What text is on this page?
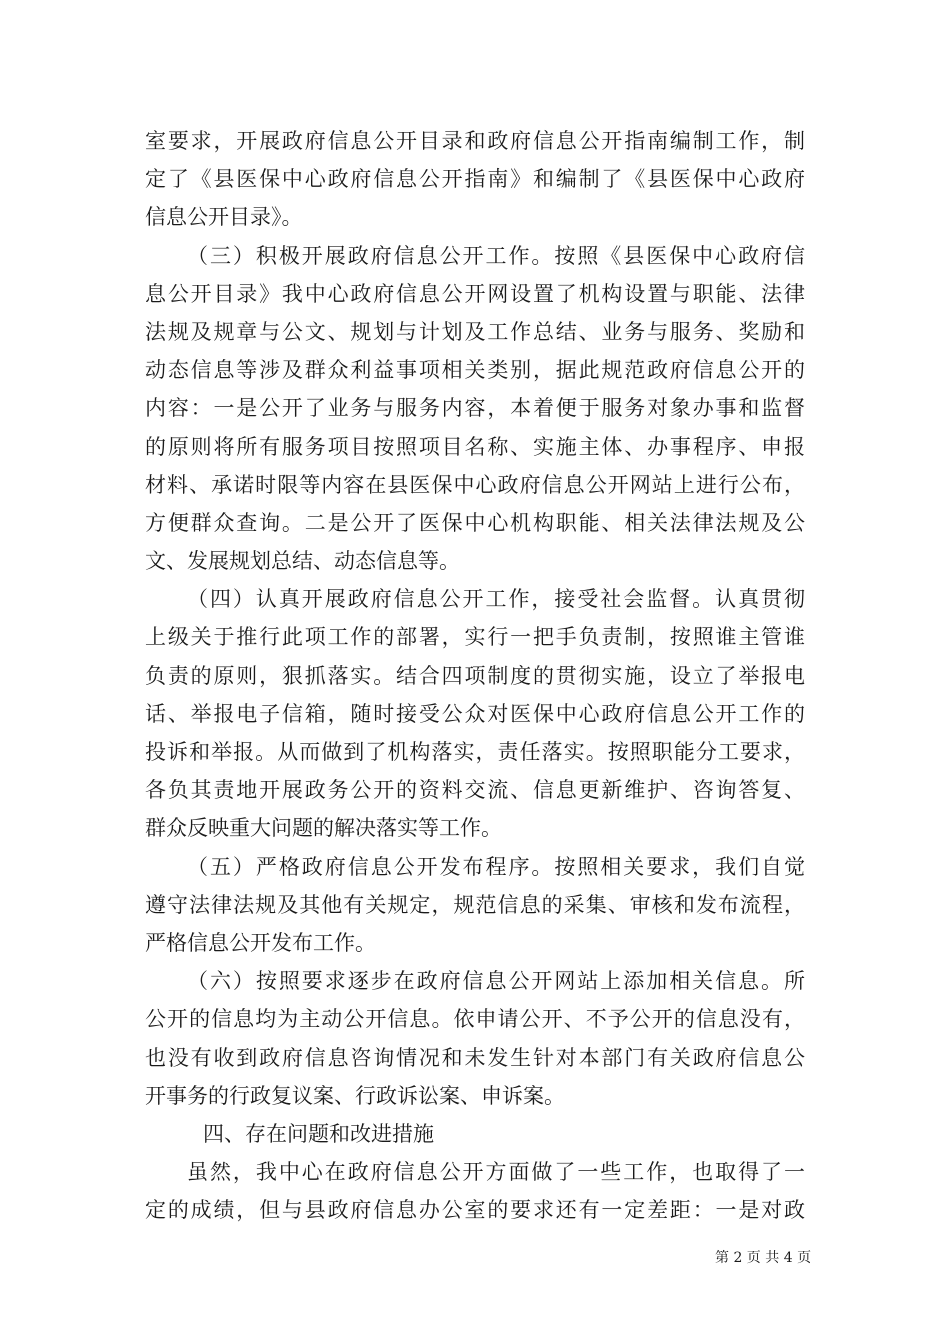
室要求，开展政府信息公开目录和政府信息公开指南编制工作，制
定了《县医保中心政府信息公开指南》和编制了《县医保中心政府
信息公开目录》。
（三）积极开展政府信息公开工作。按照《县医保中心政府信
息公开目录》我中心政府信息公开网设置了机构设置与职能、法律
法规及规章与公文、规划与计划及工作总结、业务与服务、奖励和
动态信息等涉及群众利益事项相关类别，据此规范政府信息公开的
内容：一是公开了业务与服务内容，本着便于服务对象办事和监督
的原则将所有服务项目按照项目名称、实施主体、办事程序、申报
材料、承诺时限等内容在县医保中心政府信息公开网站上进行公布，
方便群众查询。二是公开了医保中心机构职能、相关法律法规及公
文、发展规划总结、动态信息等。
（四）认真开展政府信息公开工作，接受社会监督。认真贯彻
上级关于推行此项工作的部署，实行一把手负责制，按照谁主管谁
负责的原则，狠抓落实。结合四项制度的贯彻实施，设立了举报电
话、举报电子信箱，随时接受公众对医保中心政府信息公开工作的
投诉和举报。从而做到了机构落实，责任落实。按照职能分工要求，
各负其责地开展政务公开的资料交流、信息更新维护、咨询答复、
群众反映重大问题的解决落实等工作。
（五）严格政府信息公开发布程序。按照相关要求，我们自觉
遵守法律法规及其他有关规定，规范信息的采集、审核和发布流程，
严格信息公开发布工作。
（六）按照要求逐步在政府信息公开网站上添加相关信息。所
公开的信息均为主动公开信息。依申请公开、不予公开的信息没有，
也没有收到政府信息咨询情况和未发生针对本部门有关政府信息公
开事务的行政复议案、行政诉讼案、申诉案。
四、存在问题和改进措施
虽然，我中心在政府信息公开方面做了一些工作，也取得了一
定的成绩，但与县政府信息办公室的要求还有一定差距：一是对政
第 2 页 共 4 页
